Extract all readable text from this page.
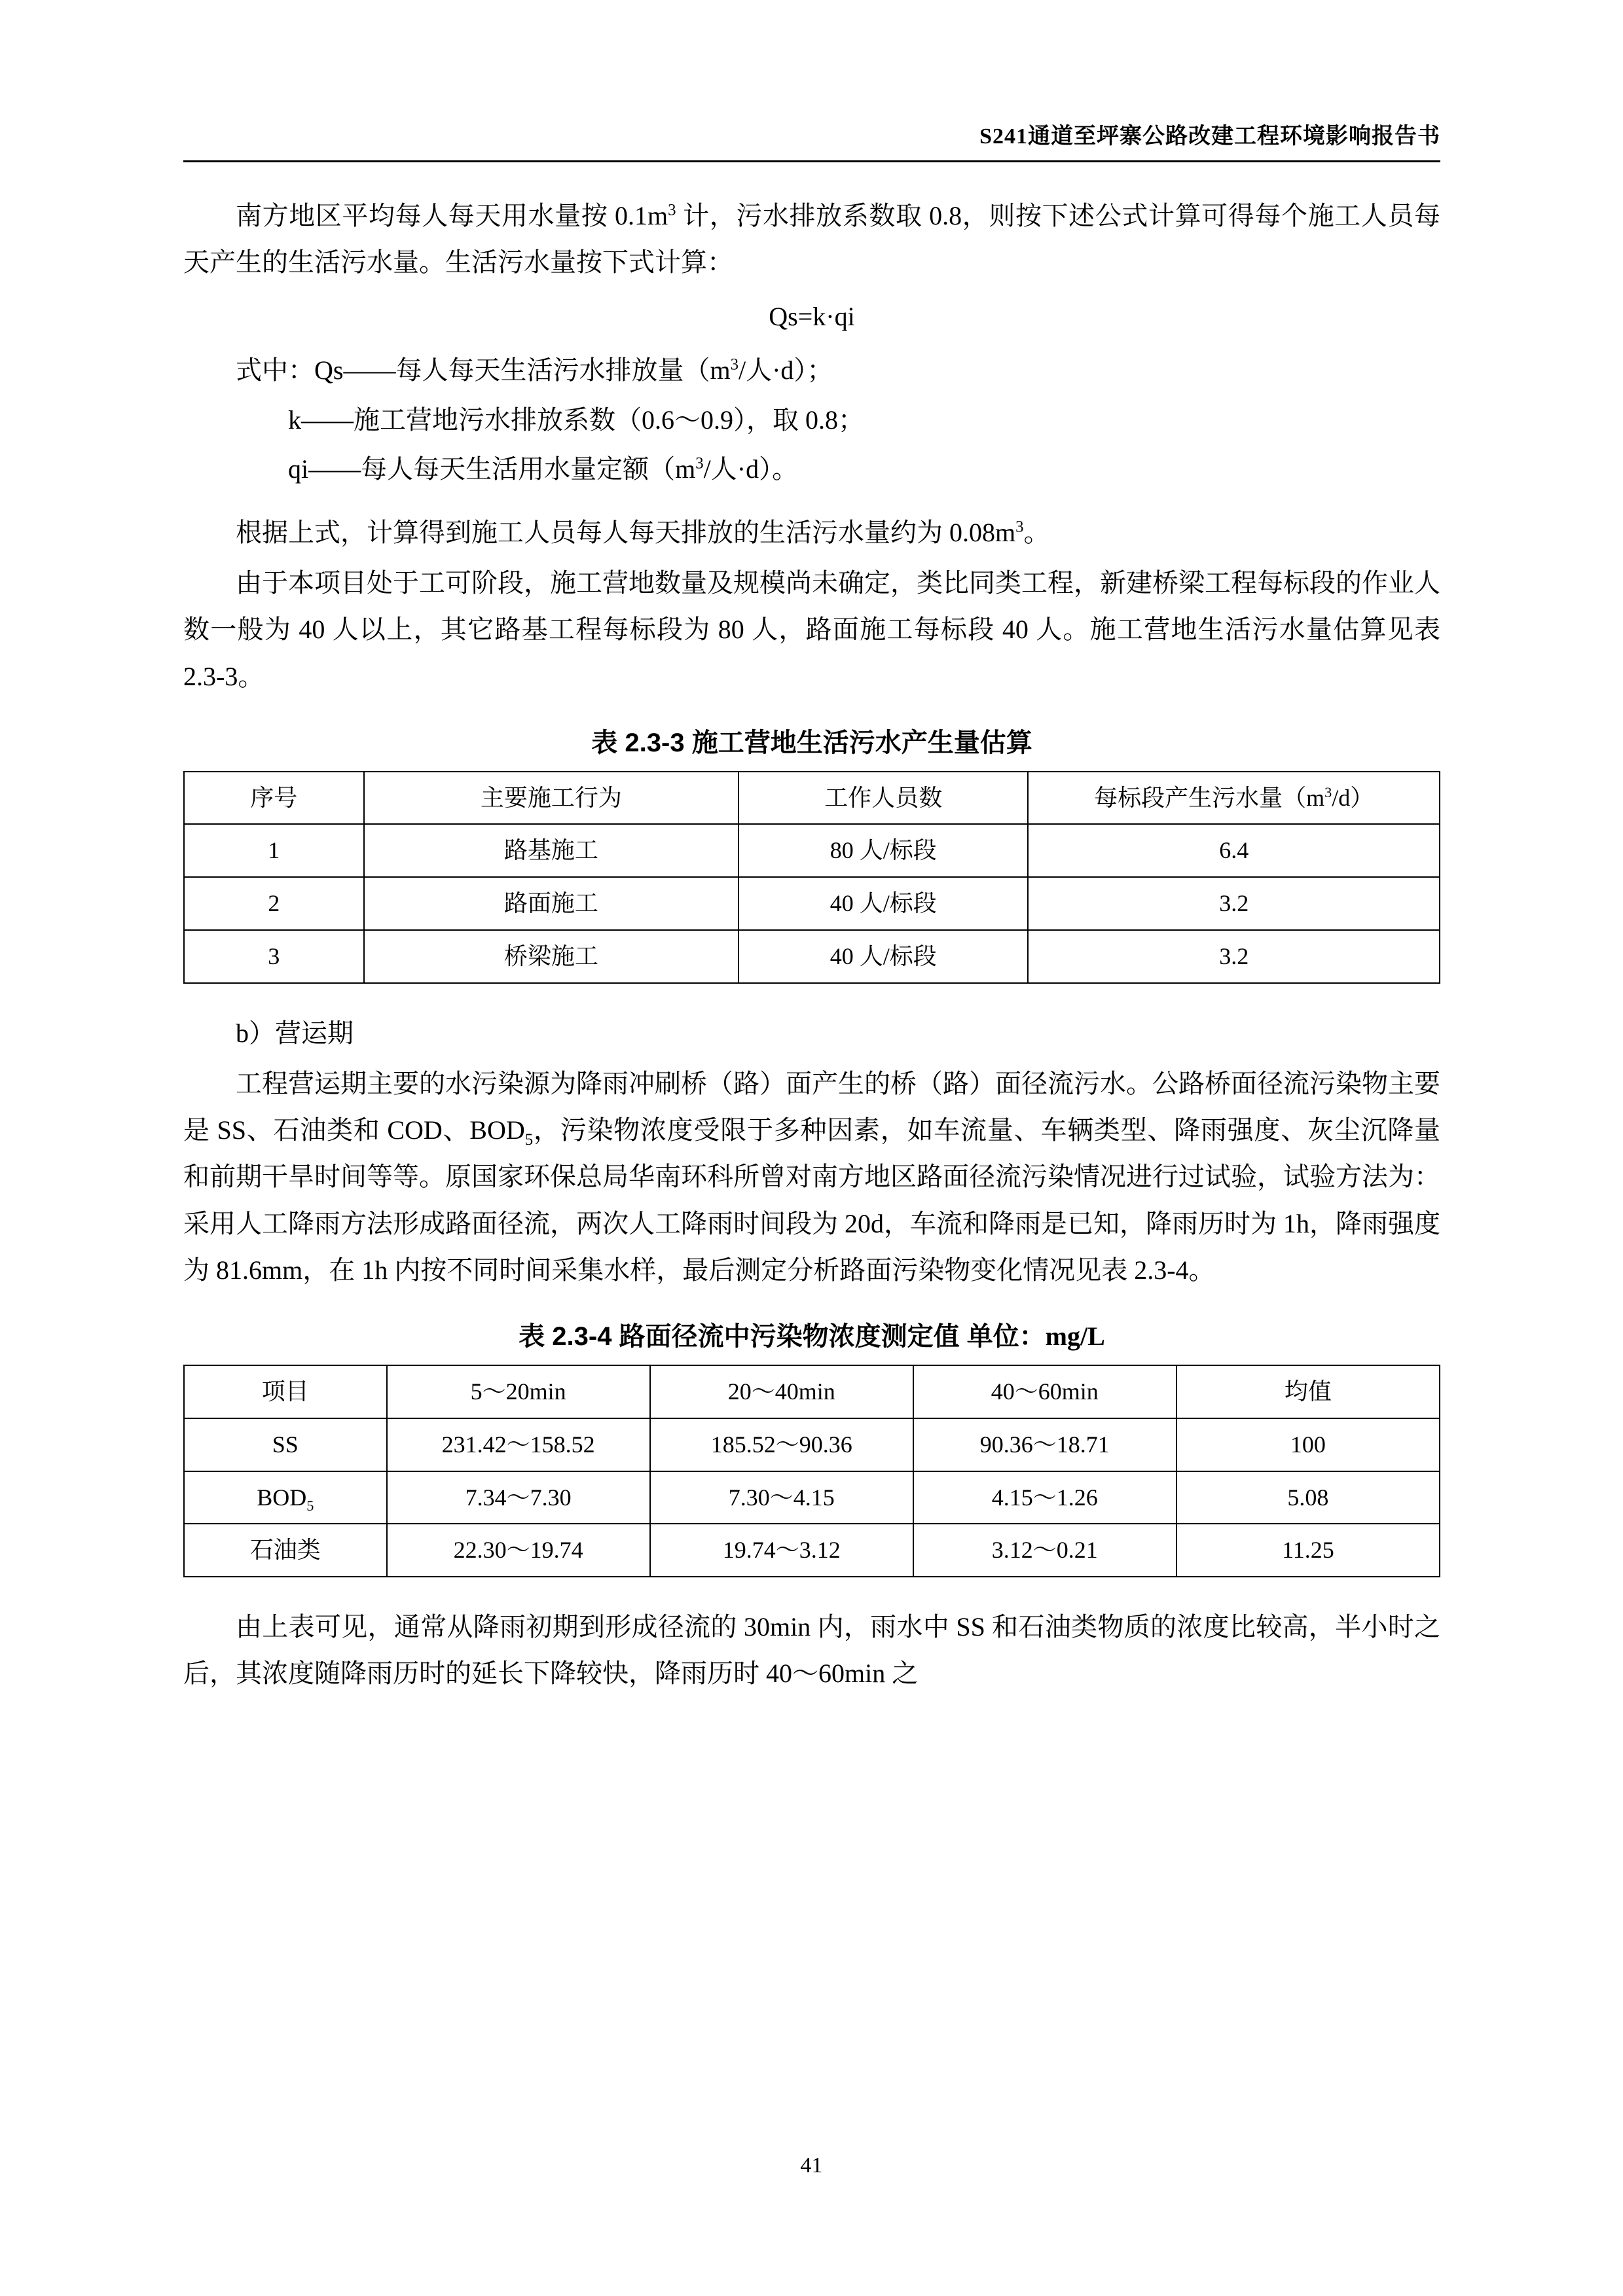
S241通道至坪寨公路改建工程环境影响报告书

南方地区平均每人每天用水量按 $0.1m^3$ 计，污水排放系数取 0.8，则按下述公式计算可得每个施工人员每天产生的生活污水量。生活污水量按下式计算：

Qs=k·qi
式中：Qs——每人每天生活污水排放量（$m^3/$人·d）；
k——施工营地污水排放系数（0.6～0.9），取 0.8；
qi——每人每天生活用水量定额（$m^3/$人·d）。

根据上式，计算得到施工人员每人每天排放的生活污水量约为 $0.08m^3$。

由于本项目处于工可阶段，施工营地数量及规模尚未确定，类比同类工程，新建桥梁工程每标段的作业人数一般为 40 人以上，其它路基工程每标段为 80 人，路面施工每标段 40 人。施工营地生活污水量估算见表 2.3-3。

表 2.3-3 施工营地生活污水产生量估算
序号	主要施工行为	工作人员数	每标段产生污水量$(m^3/d)$
1	路基施工	80 人/标段	6.4
2	路面施工	40 人/标段	3.2
3	桥梁施工	40 人/标段	3.2

b）营运期

工程营运期主要的水污染源为降雨冲刷桥（路）面产生的桥（路）面径流污水。公路桥面径流污染物主要是 SS、石油类和 COD、$BOD_5$，污染物浓度受限于多种因素，如车流量、车辆类型、降雨强度、灰尘沉降量和前期干旱时间等等。原国家环保总局华南环科所曾对南方地区路面径流污染情况进行过试验，试验方法为：采用人工降雨方法形成路面径流，两次人工降雨时间段为 20d，车流和降雨是已知，降雨历时为 1h，降雨强度为 81.6mm，在 1h 内按不同时间采集水样，最后测定分析路面污染物变化情况见表 2.3-4。

表 2.3-4 路面径流中污染物浓度测定值 单位：mg/L
项目	5～20min	20～40min	40～60min	均值
SS	231.42～158.52	185.52～90.36	90.36～18.71	100
$BOD_5$	7.34～7.30	7.30～4.15	4.15～1.26	5.08
石油类	22.30～19.74	19.74～3.12	3.12～0.21	11.25

由上表可见，通常从降雨初期到形成径流的 30min 内，雨水中 SS 和石油类物质的浓度比较高，半小时之后，其浓度随降雨历时的延长下降较快，降雨历时 40～60min 之

41
